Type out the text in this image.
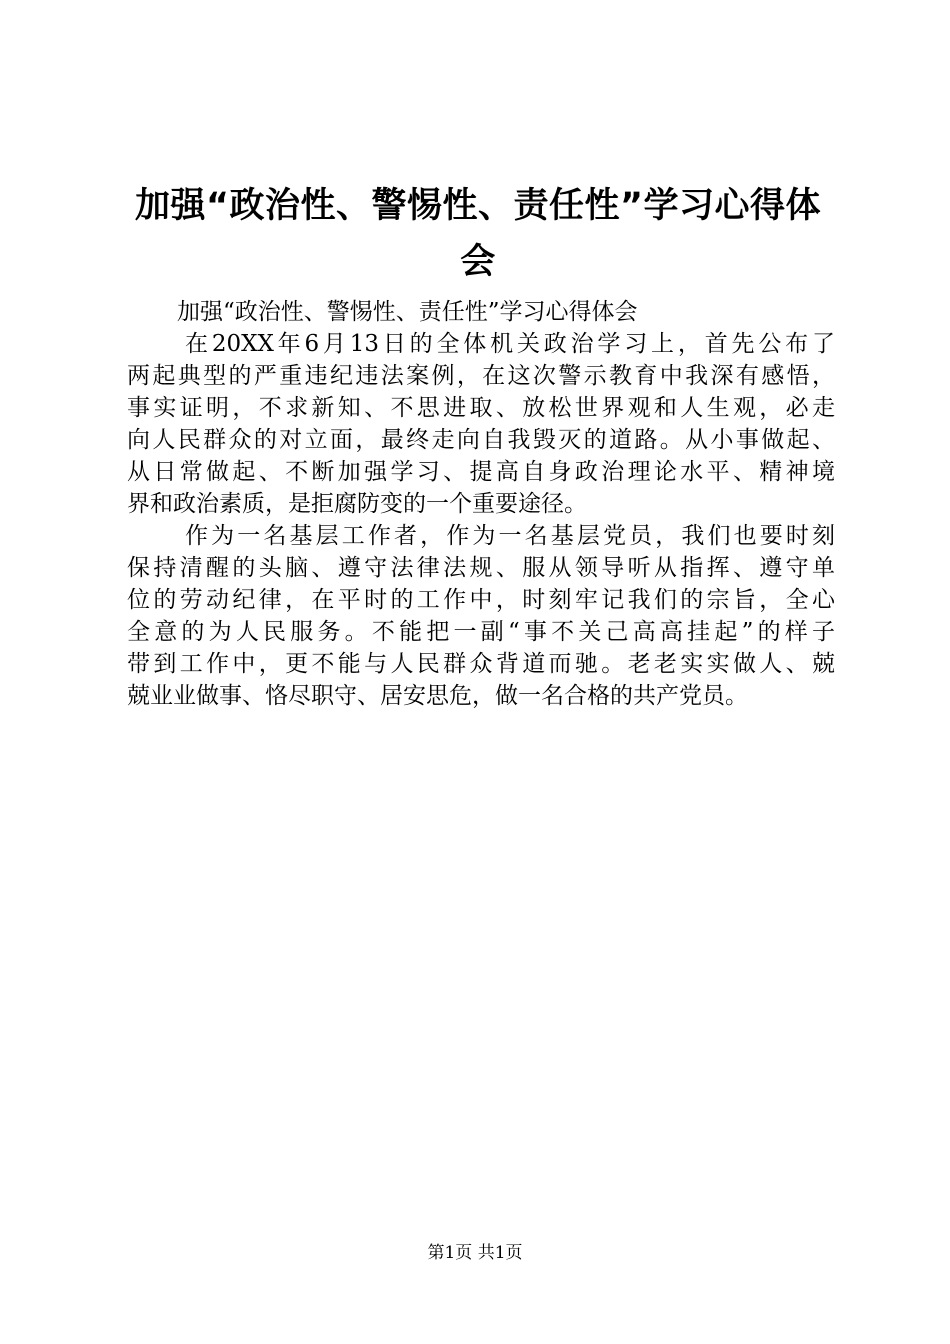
加强“政治性、警惕性、责任性”学习心得体
会
加强“政治性、警惕性、责任性”学习心得体会
在20XX年6月13日的全体机关政治学习上，首先公布了
两起典型的严重违纪违法案例，在这次警示教育中我深有感悟，
事实证明，不求新知、不思进取、放松世界观和人生观，必走
向人民群众的对立面，最终走向自我毁灭的道路。从小事做起、
从日常做起、不断加强学习、提高自身政治理论水平、精神境
界和政治素质，是拒腐防变的一个重要途径。
作为一名基层工作者，作为一名基层党员，我们也要时刻
保持清醒的头脑、遵守法律法规、服从领导听从指挥、遵守单
位的劳动纪律，在平时的工作中，时刻牢记我们的宗旨，全心
全意的为人民服务。不能把一副“事不关己高高挂起”的样子
带到工作中，更不能与人民群众背道而驰。老老实实做人、兢
兢业业做事、恪尽职守、居安思危，做一名合格的共产党员。
第1页 共1页
